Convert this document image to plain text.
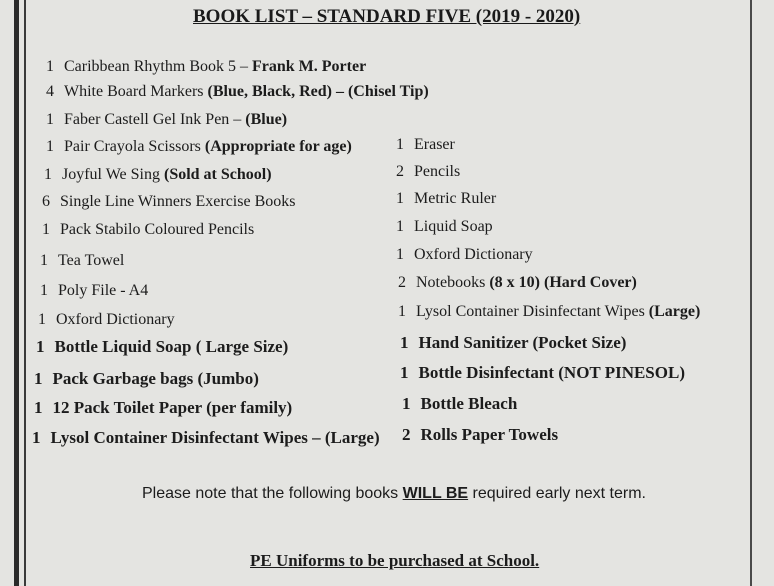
BOOK LIST – STANDARD FIVE (2019 - 2020)
1 Caribbean Rhythm Book 5 – Frank M. Porter
4 White Board Markers (Blue, Black, Red) – (Chisel Tip)
1 Faber Castell Gel Ink Pen – (Blue)
1 Pair Crayola Scissors (Appropriate for age)
1 Joyful We Sing (Sold at School)
6 Single Line Winners Exercise Books
1 Pack Stabilo Coloured Pencils
1 Tea Towel
1 Poly File - A4
1 Oxford Dictionary
1 Bottle Liquid Soap ( Large Size)
1 Pack Garbage bags (Jumbo)
1 12 Pack Toilet Paper (per family)
1 Lysol Container Disinfectant Wipes – (Large)
1 Eraser
2 Pencils
1 Metric Ruler
1 Liquid Soap
1 Oxford Dictionary
2 Notebooks (8 x 10) (Hard Cover)
1 Lysol Container Disinfectant Wipes (Large)
1 Hand Sanitizer (Pocket Size)
1 Bottle Disinfectant (NOT PINESOL)
1 Bottle Bleach
2 Rolls Paper Towels
Please note that the following books WILL BE required early next term.
PE Uniforms to be purchased at School.
